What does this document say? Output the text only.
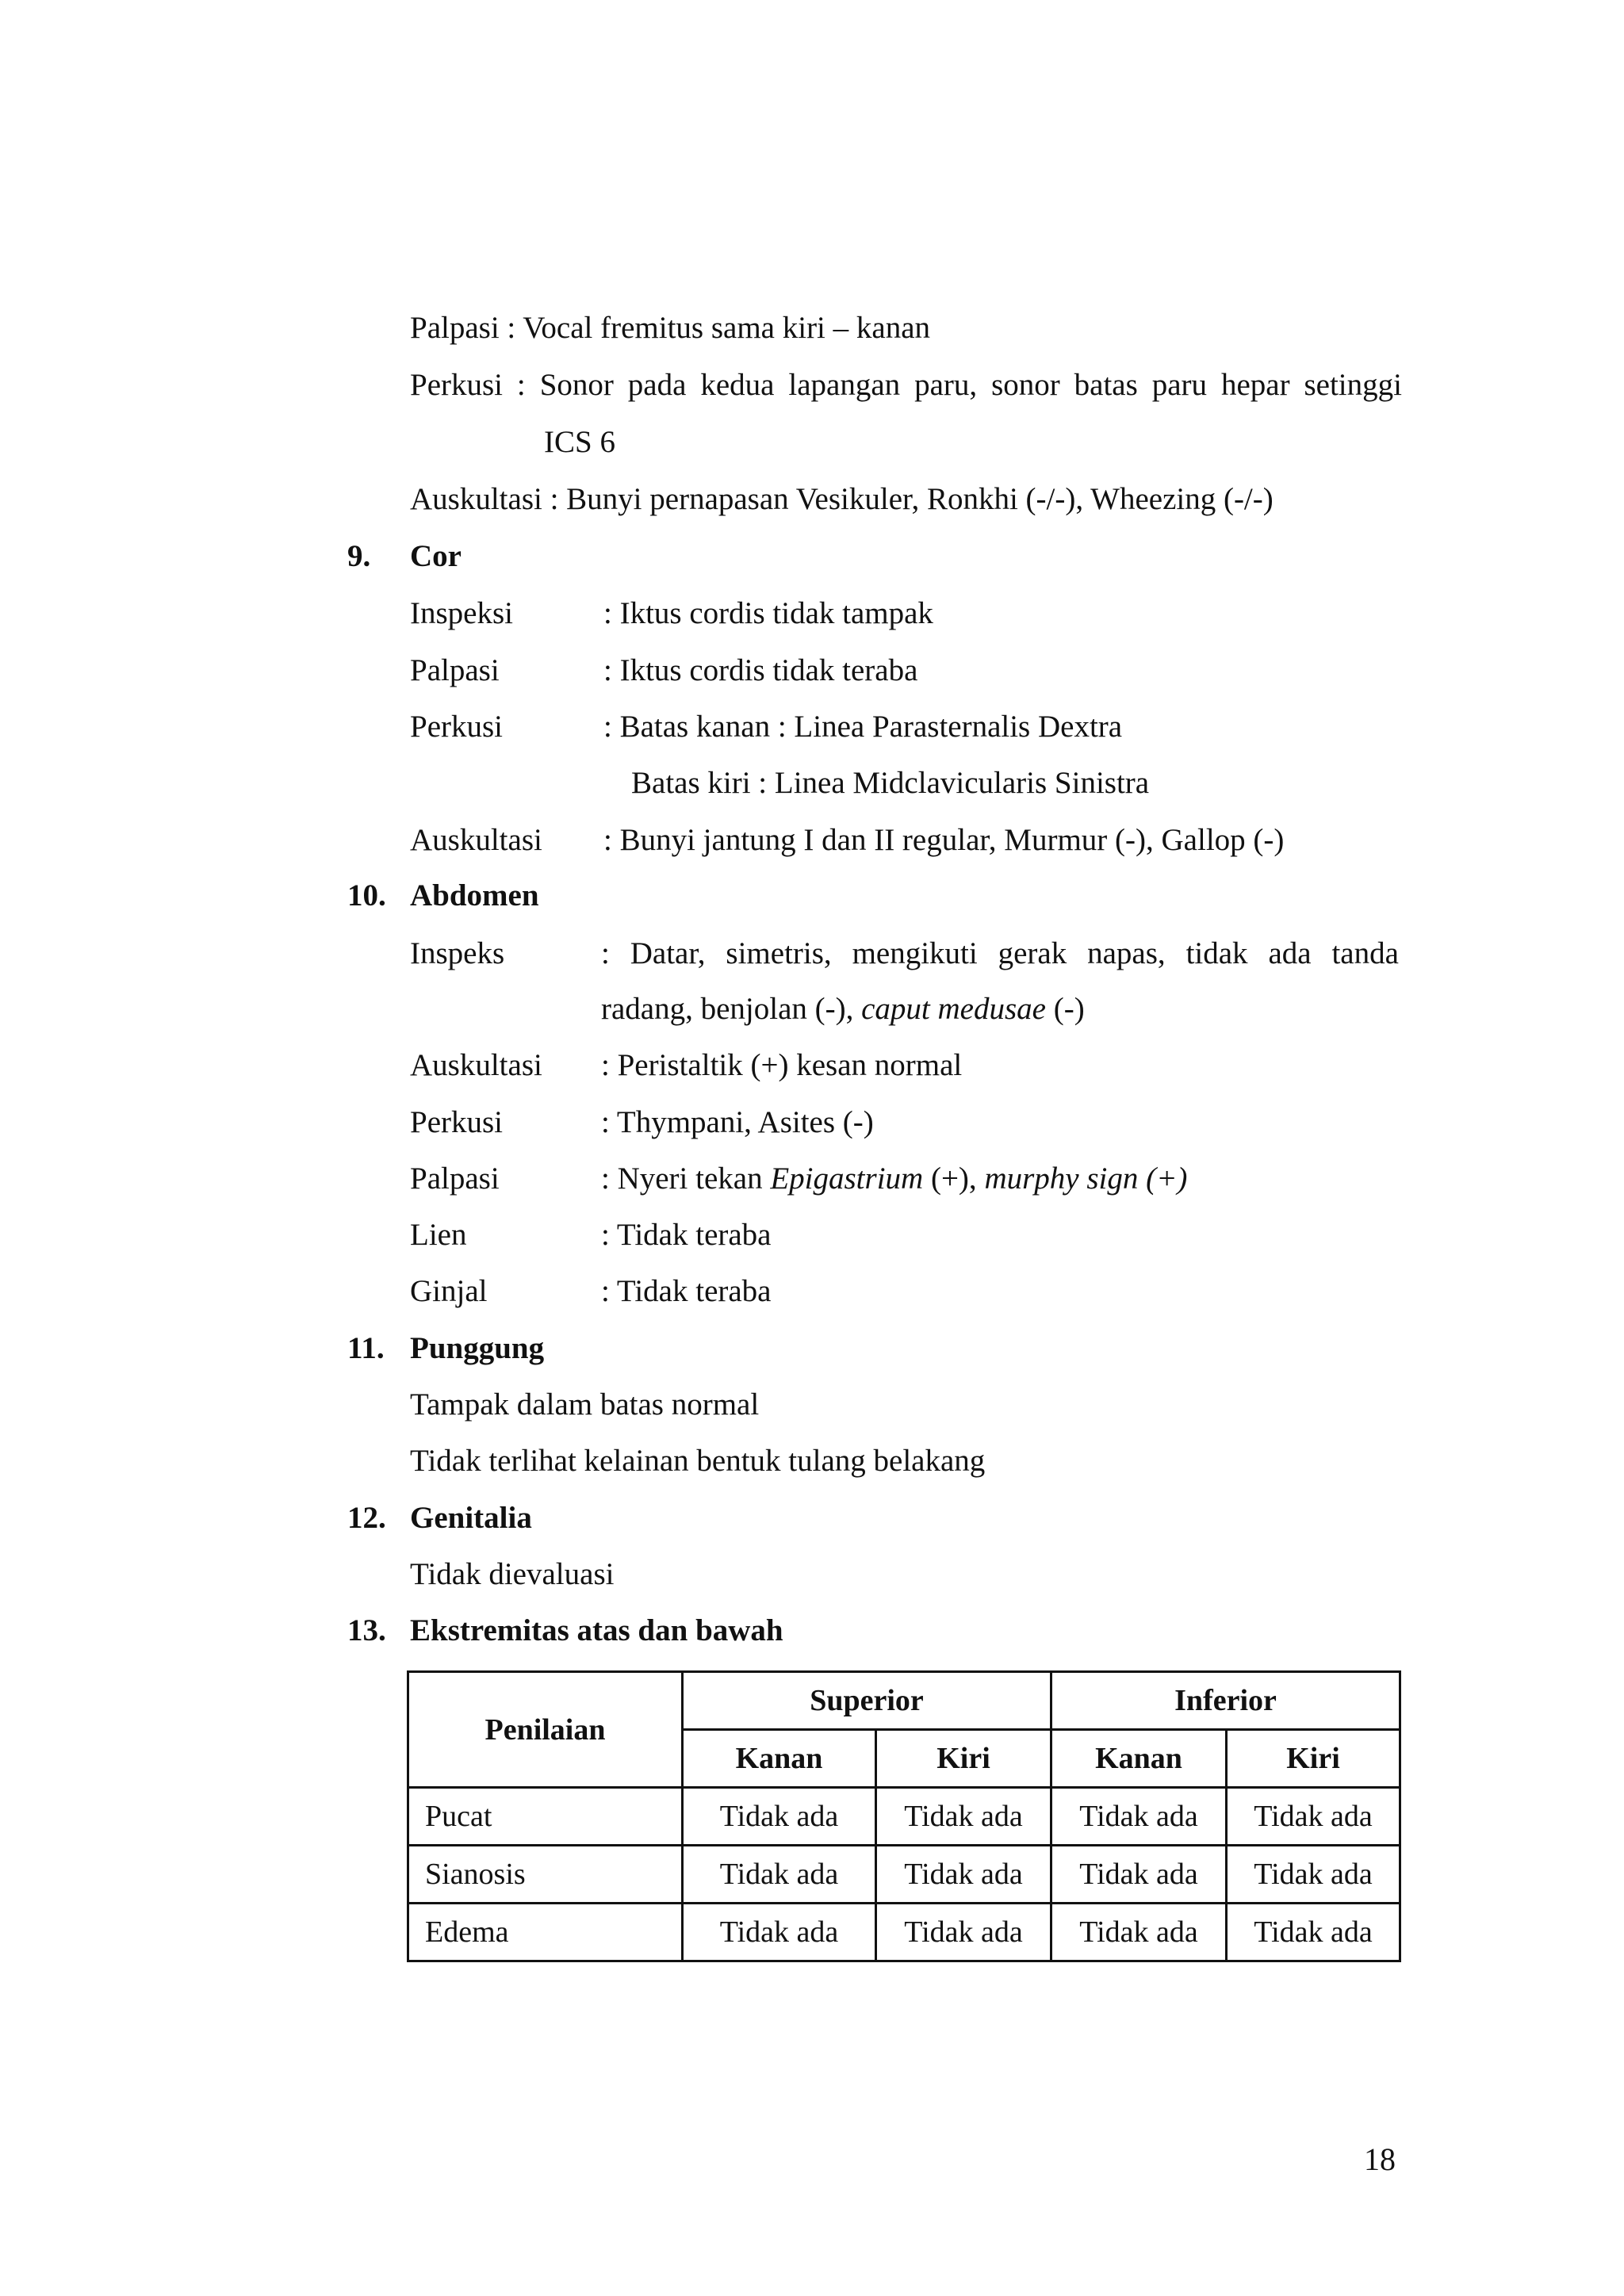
Palpasi : Vocal fremitus sama kiri – kanan
Perkusi : Sonor pada kedua lapangan paru, sonor batas paru hepar setinggi
ICS 6
Auskultasi : Bunyi pernapasan Vesikuler, Ronkhi (-/-), Wheezing (-/-)
9. Cor
Inspeksi	: Iktus cordis tidak tampak
Palpasi	: Iktus cordis tidak teraba
Perkusi	: Batas kanan : Linea Parasternalis Dextra
Batas kiri : Linea Midclavicularis Sinistra
Auskultasi : Bunyi jantung I dan II regular, Murmur (-), Gallop (-)
10. Abdomen
Inspeks	: Datar, simetris, mengikuti gerak napas, tidak ada tanda
radang, benjolan (-), caput medusae (-)
Auskultasi : Peristaltik (+) kesan normal
Perkusi	: Thympani, Asites (-)
Palpasi	: Nyeri tekan Epigastrium (+), murphy sign (+)
Lien	: Tidak teraba
Ginjal	: Tidak teraba
11. Punggung
Tampak dalam batas normal
Tidak terlihat kelainan bentuk tulang belakang
12. Genitalia
Tidak dievaluasi
13. Ekstremitas atas dan bawah
Penilaian	Superior		Inferior	
	Kanan	Kiri	Kanan	Kiri
Pucat	Tidak ada	Tidak ada	Tidak ada	Tidak ada
Sianosis	Tidak ada	Tidak ada	Tidak ada	Tidak ada
Edema	Tidak ada	Tidak ada	Tidak ada	Tidak ada
18
